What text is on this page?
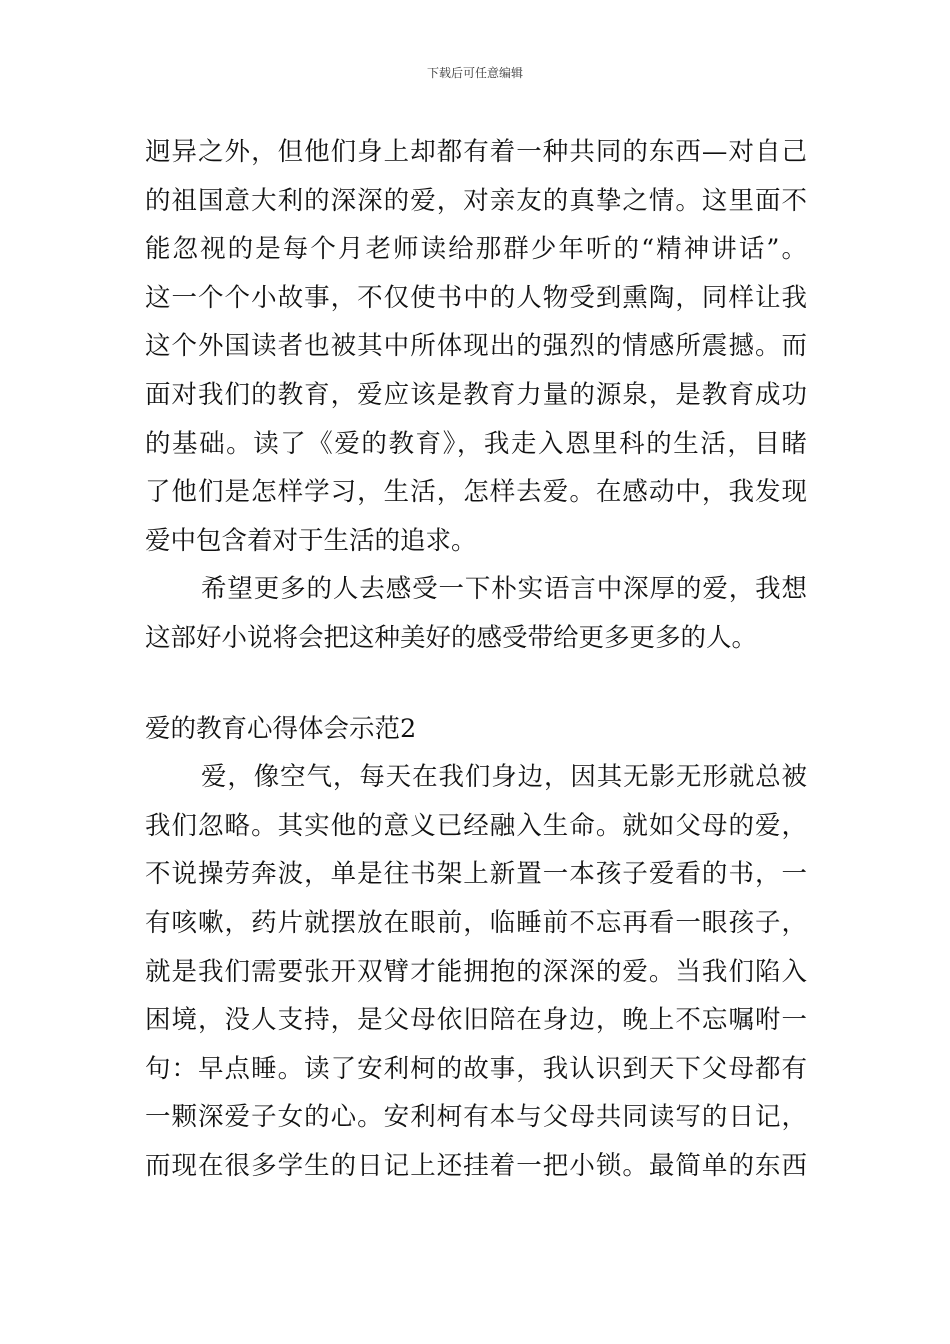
下载后可任意编辑
迥异之外，但他们身上却都有着一种共同的东西—对自己
的祖国意大利的深深的爱，对亲友的真挚之情。这里面不
能忽视的是每个月老师读给那群少年听的“精神讲话”。
这一个个小故事，不仅使书中的人物受到熏陶，同样让我
这个外国读者也被其中所体现出的强烈的情感所震撼。而
面对我们的教育，爱应该是教育力量的源泉，是教育成功
的基础。读了《爱的教育》，我走入恩里科的生活，目睹
了他们是怎样学习，生活，怎样去爱。在感动中，我发现
爱中包含着对于生活的追求。
希望更多的人去感受一下朴实语言中深厚的爱，我想
这部好小说将会把这种美好的感受带给更多更多的人。
爱的教育心得体会示范2
爱，像空气，每天在我们身边，因其无影无形就总被
我们忽略。其实他的意义已经融入生命。就如父母的爱，
不说操劳奔波，单是往书架上新置一本孩子爱看的书，一
有咳嗽，药片就摆放在眼前，临睡前不忘再看一眼孩子，
就是我们需要张开双臂才能拥抱的深深的爱。当我们陷入
困境，没人支持，是父母依旧陪在身边，晚上不忘嘱咐一
句：早点睡。读了安利柯的故事，我认识到天下父母都有
一颗深爱子女的心。安利柯有本与父母共同读写的日记，
而现在很多学生的日记上还挂着一把小锁。最简单的东西
